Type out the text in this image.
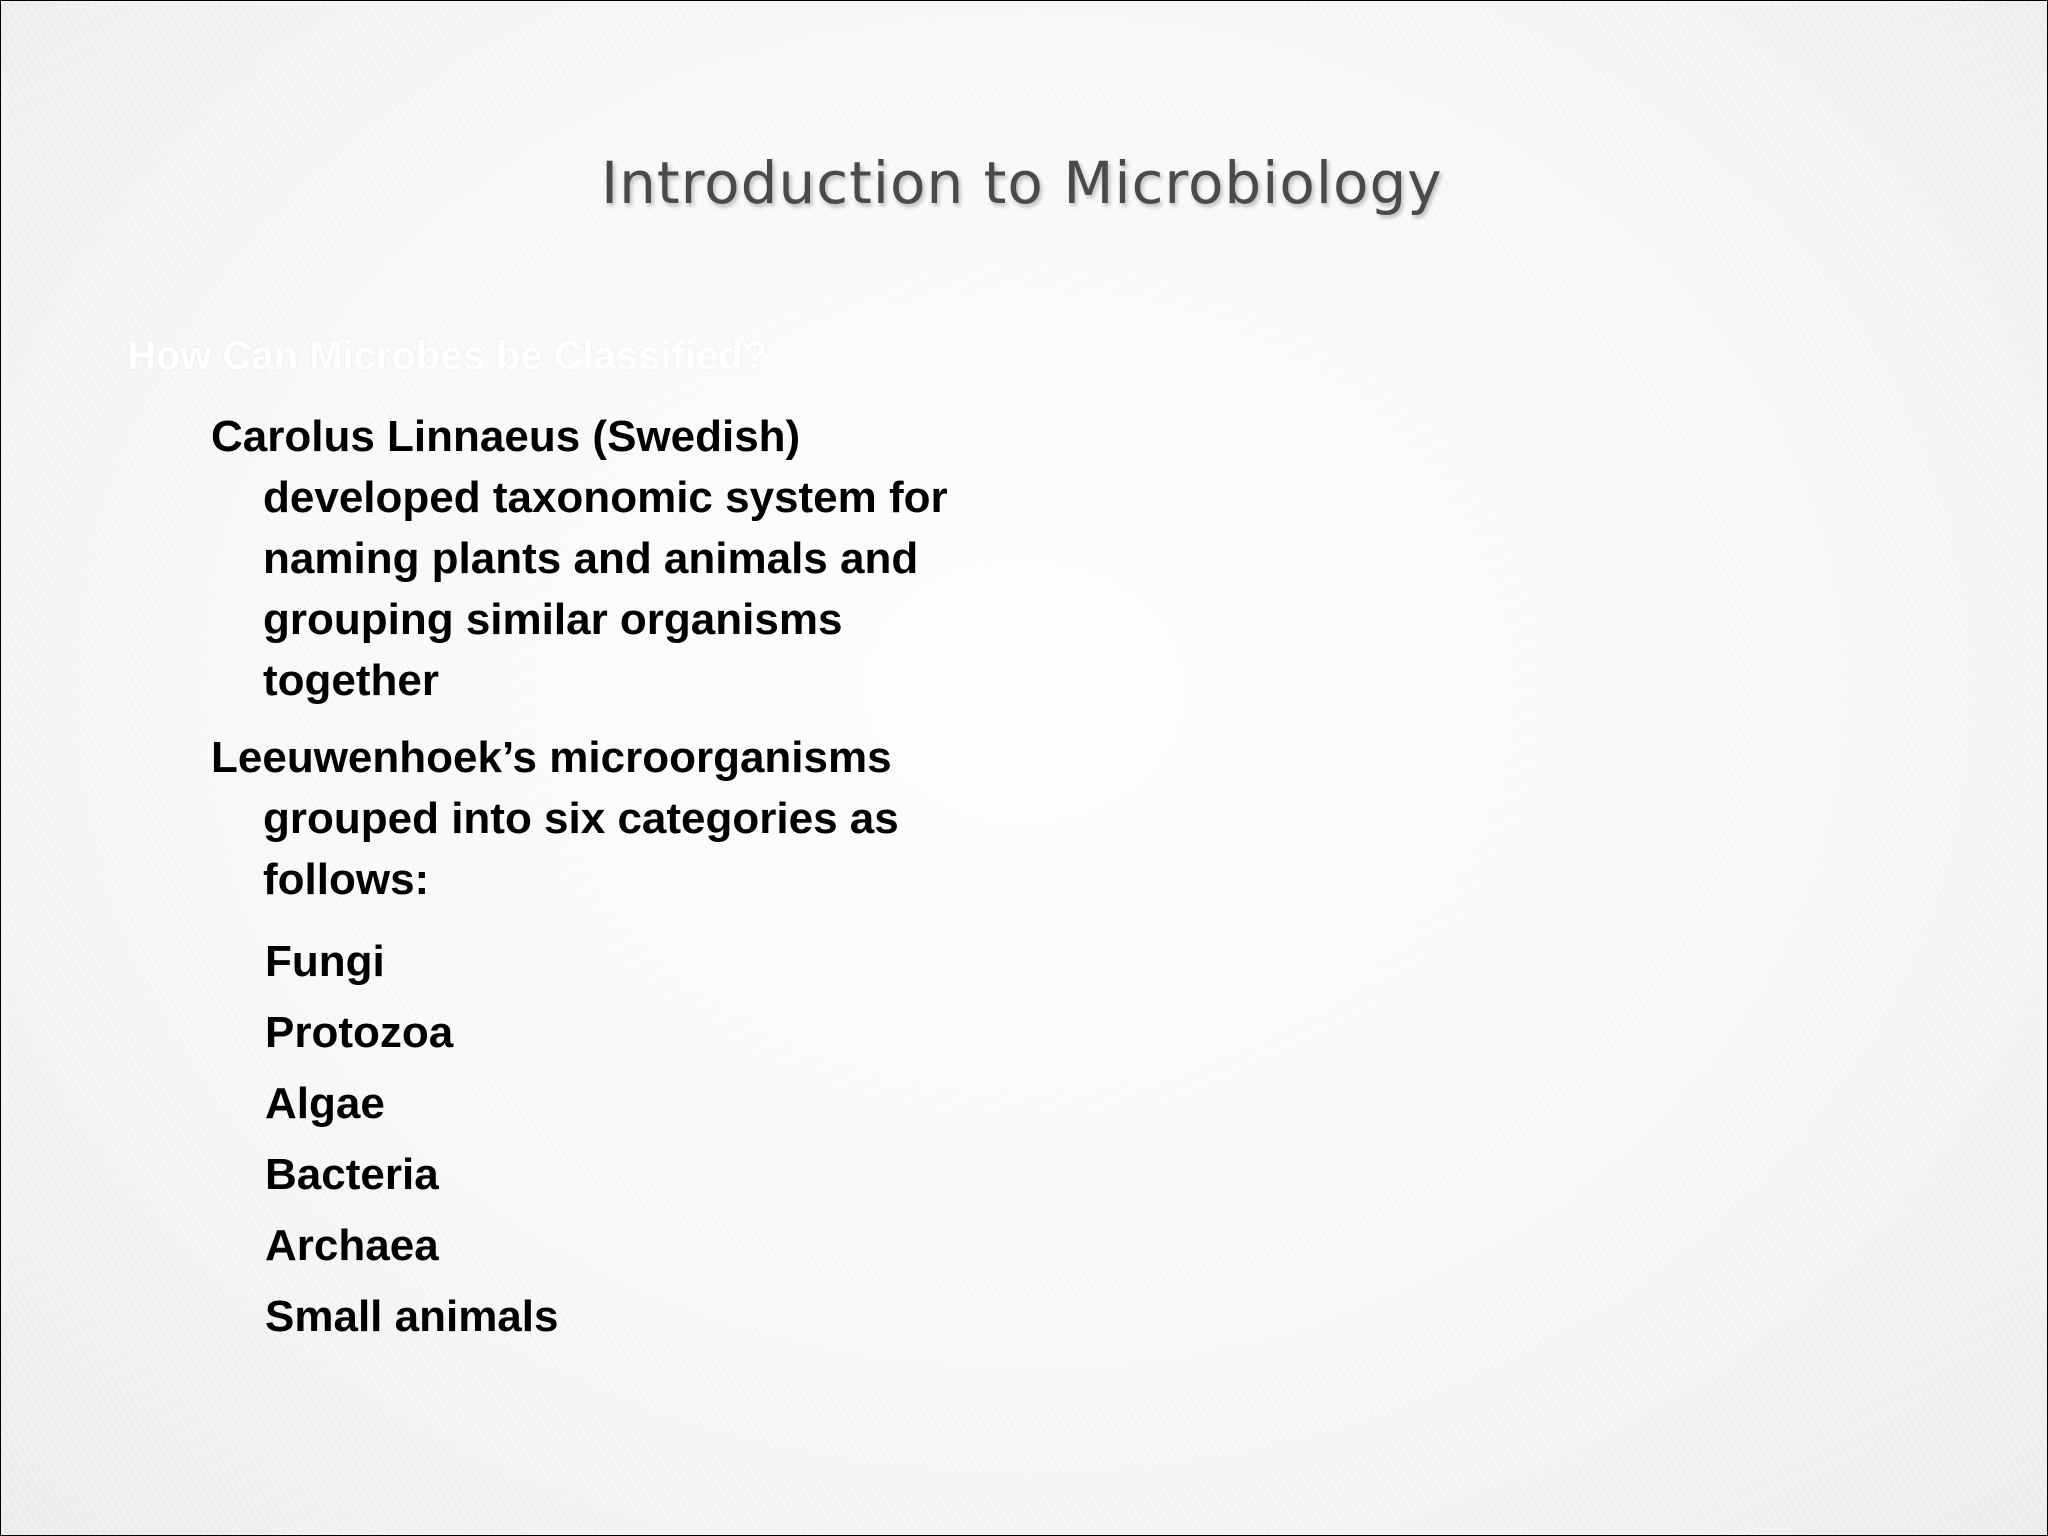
Introduction to Microbiology
How Can Microbes be Classified?

Carolus Linnaeus (Swedish) developed taxonomic system for naming plants and animals and grouping similar organisms together

Leeuwenhoek’s microorganisms grouped into six categories as follows:

Fungi
Protozoa
Algae
Bacteria
Archaea
Small animals
